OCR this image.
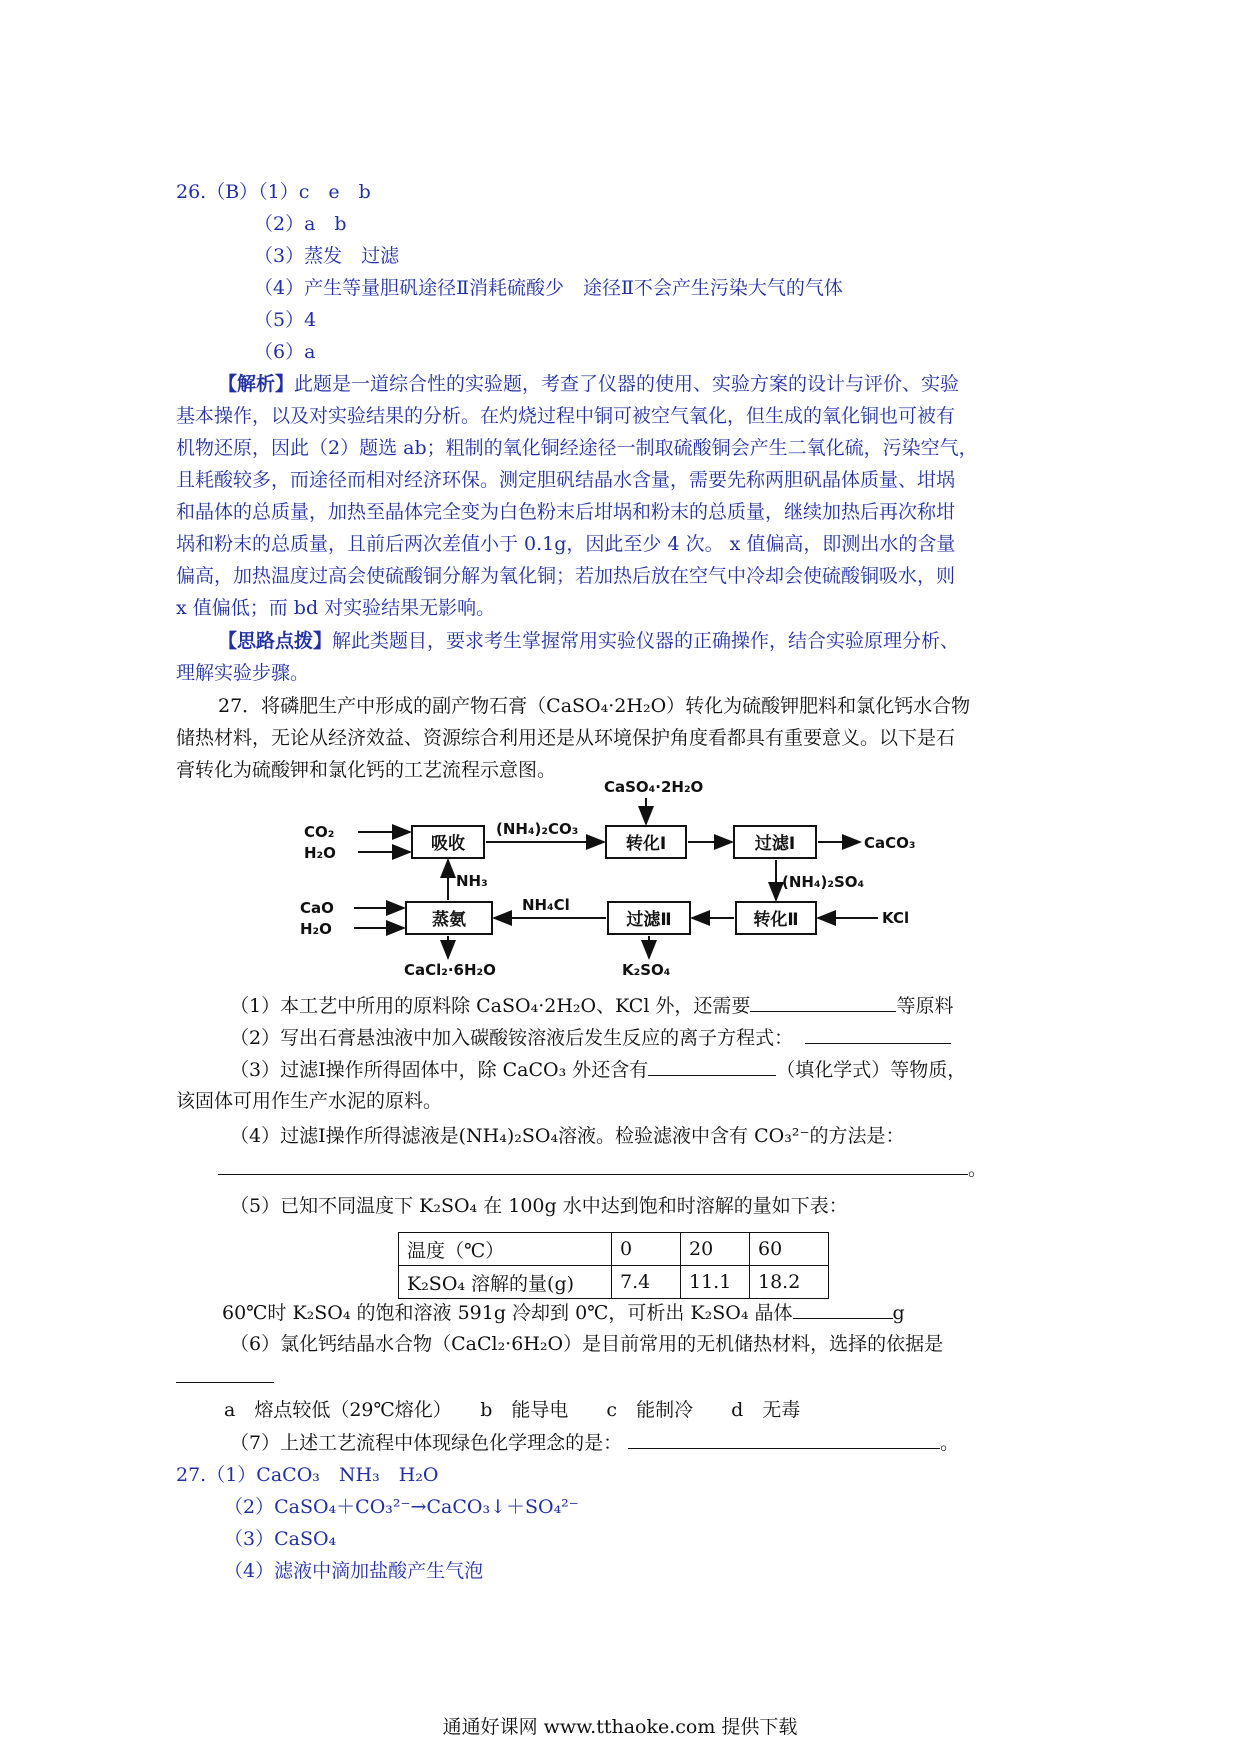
26.（B）（1）c　e　b
（2）a　b
（3）蒸发　过滤
（4）产生等量胆矾途径Ⅱ消耗硫酸少　途径Ⅱ不会产生污染大气的气体
（5）4
（6）a
【解析】此题是一道综合性的实验题，考查了仪器的使用、实验方案的设计与评价、实验
基本操作，以及对实验结果的分析。在灼烧过程中铜可被空气氧化，但生成的氧化铜也可被有
机物还原，因此（2）题选 ab；粗制的氧化铜经途径一制取硫酸铜会产生二氧化硫，污染空气，
且耗酸较多，而途径而相对经济环保。测定胆矾结晶水含量，需要先称两胆矾晶体质量、坩埚
和晶体的总质量，加热至晶体完全变为白色粉末后坩埚和粉末的总质量，继续加热后再次称坩
埚和粉末的总质量，且前后两次差值小于 0.1g，因此至少 4 次。 x 值偏高，即测出水的含量
偏高，加热温度过高会使硫酸铜分解为氧化铜；若加热后放在空气中冷却会使硫酸铜吸水，则
x 值偏低；而 bd 对实验结果无影响。
【思路点拨】解此类题目，要求考生掌握常用实验仪器的正确操作，结合实验原理分析、
理解实验步骤。
27．将磷肥生产中形成的副产物石膏（CaSO₄·2H₂O）转化为硫酸钾肥料和氯化钙水合物
储热材料，无论从经济效益、资源综合利用还是从环境保护角度看都具有重要意义。以下是石
膏转化为硫酸钾和氯化钙的工艺流程示意图。
吸收	转化Ⅰ	过滤Ⅰ
蒸氨	过滤Ⅱ	转化Ⅱ
CO₂
H₂O
(NH₄)₂CO₃
CaSO₄·2H₂O
CaCO₃
NH₃	(NH₄)₂SO₄
CaO
H₂O
NH₄Cl
KCl
CaCl₂·6H₂O	K₂SO₄
（1）本工艺中所用的原料除 CaSO₄·2H₂O、KCl 外，还需要	等原料
（2）写出石膏悬浊液中加入碳酸铵溶液后发生反应的离子方程式：
（3）过滤Ⅰ操作所得固体中，除 CaCO₃ 外还含有	（填化学式）等物质，
该固体可用作生产水泥的原料。
（4）过滤Ⅰ操作所得滤液是(NH₄)₂SO₄溶液。检验滤液中含有 CO₃²⁻的方法是：
。
（5）已知不同温度下 K₂SO₄ 在 100g 水中达到饱和时溶解的量如下表：
温度（℃）	0	20	60
K₂SO₄ 溶解的量(g)	7.4	11.1	18.2
60℃时 K₂SO₄ 的饱和溶液 591g 冷却到 0℃，可析出 K₂SO₄ 晶体	g
（6）氯化钙结晶水合物（CaCl₂·6H₂O）是目前常用的无机储热材料，选择的依据是
a　熔点较低（29℃熔化）　　b　能导电　　c　能制冷　　d　无毒
（7）上述工艺流程中体现绿色化学理念的是：	。
27.（1）CaCO₃　NH₃　H₂O
（2）CaSO₄＋CO₃²⁻→CaCO₃↓＋SO₄²⁻
（3）CaSO₄
（4）滤液中滴加盐酸产生气泡
通通好课网 www.tthaoke.com 提供下载
